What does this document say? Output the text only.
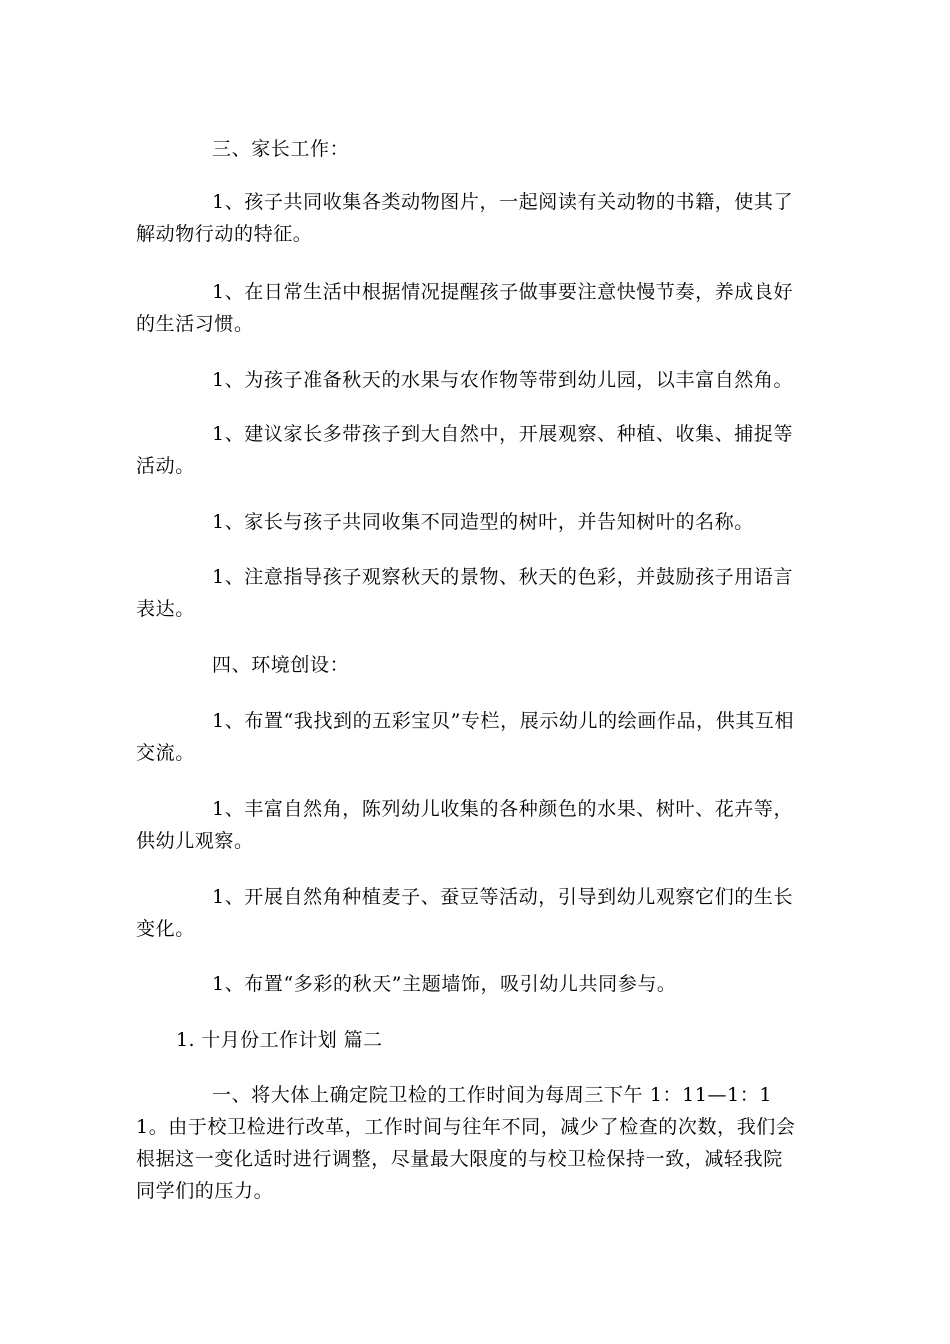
三、家长工作：
1、孩子共同收集各类动物图片，一起阅读有关动物的书籍，使其了解动物行动的特征。
1、在日常生活中根据情况提醒孩子做事要注意快慢节奏，养成良好的生活习惯。
1、为孩子准备秋天的水果与农作物等带到幼儿园，以丰富自然角。
1、建议家长多带孩子到大自然中，开展观察、种植、收集、捕捉等活动。
1、家长与孩子共同收集不同造型的树叶，并告知树叶的名称。
1、注意指导孩子观察秋天的景物、秋天的色彩，并鼓励孩子用语言表达。
四、环境创设：
1、布置“我找到的五彩宝贝”专栏，展示幼儿的绘画作品，供其互相交流。
1、丰富自然角，陈列幼儿收集的各种颜色的水果、树叶、花卉等，供幼儿观察。
1、开展自然角种植麦子、蚕豆等活动，引导到幼儿观察它们的生长变化。
1、布置“多彩的秋天”主题墙饰，吸引幼儿共同参与。
1. 十月份工作计划 篇二
一、将大体上确定院卫检的工作时间为每周三下午 1：11—1：11。由于校卫检进行改革，工作时间与往年不同，减少了检查的次数，我们会根据这一变化适时进行调整，尽量最大限度的与校卫检保持一致，减轻我院同学们的压力。
